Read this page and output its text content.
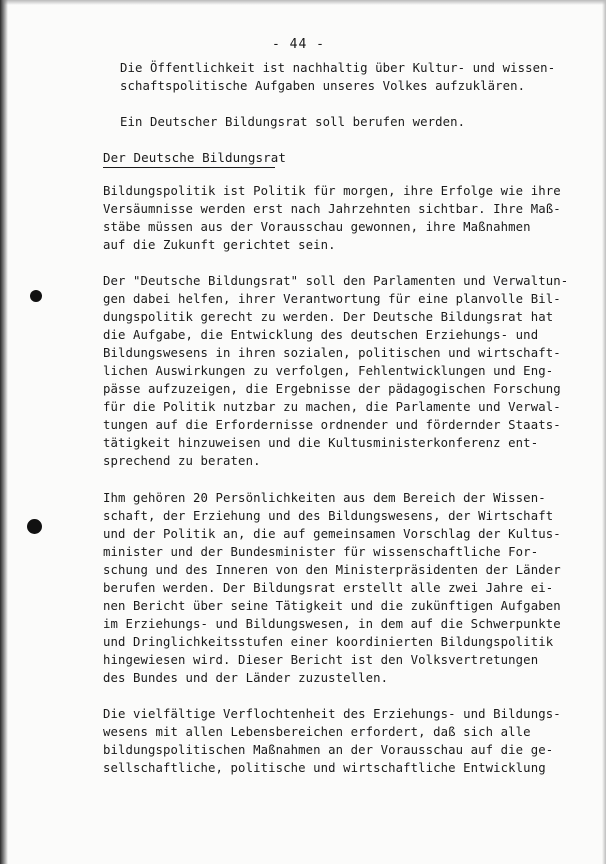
- 44 -
Die Öffentlichkeit ist nachhaltig über Kultur- und wissen-
schaftspolitische Aufgaben unseres Volkes aufzuklären.
Ein Deutscher Bildungsrat soll berufen werden.
Der Deutsche Bildungsrat
Bildungspolitik ist Politik für morgen, ihre Erfolge wie ihre
Versäumnisse werden erst nach Jahrzehnten sichtbar. Ihre Maß-
stäbe müssen aus der Vorausschau gewonnen, ihre Maßnahmen
auf die Zukunft gerichtet sein.
Der "Deutsche Bildungsrat" soll den Parlamenten und Verwaltun-
gen dabei helfen, ihrer Verantwortung für eine planvolle Bil-
dungspolitik gerecht zu werden. Der Deutsche Bildungsrat hat
die Aufgabe, die Entwicklung des deutschen Erziehungs- und
Bildungswesens in ihren sozialen, politischen und wirtschaft-
lichen Auswirkungen zu verfolgen, Fehlentwicklungen und Eng-
pässe aufzuzeigen, die Ergebnisse der pädagogischen Forschung
für die Politik nutzbar zu machen, die Parlamente und Verwal-
tungen auf die Erfordernisse ordnender und fördernder Staats-
tätigkeit hinzuweisen und die Kultusministerkonferenz ent-
sprechend zu beraten.
Ihm gehören 20 Persönlichkeiten aus dem Bereich der Wissen-
schaft, der Erziehung und des Bildungswesens, der Wirtschaft
und der Politik an, die auf gemeinsamen Vorschlag der Kultus-
minister und der Bundesminister für wissenschaftliche For-
schung und des Inneren von den Ministerpräsidenten der Länder
berufen werden. Der Bildungsrat erstellt alle zwei Jahre ei-
nen Bericht über seine Tätigkeit und die zukünftigen Aufgaben
im Erziehungs- und Bildungswesen, in dem auf die Schwerpunkte
und Dringlichkeitsstufen einer koordinierten Bildungspolitik
hingewiesen wird. Dieser Bericht ist den Volksvertretungen
des Bundes und der Länder zuzustellen.
Die vielfältige Verflochtenheit des Erziehungs- und Bildungs-
wesens mit allen Lebensbereichen erfordert, daß sich alle
bildungspolitischen Maßnahmen an der Vorausschau auf die ge-
sellschaftliche, politische und wirtschaftliche Entwicklung
